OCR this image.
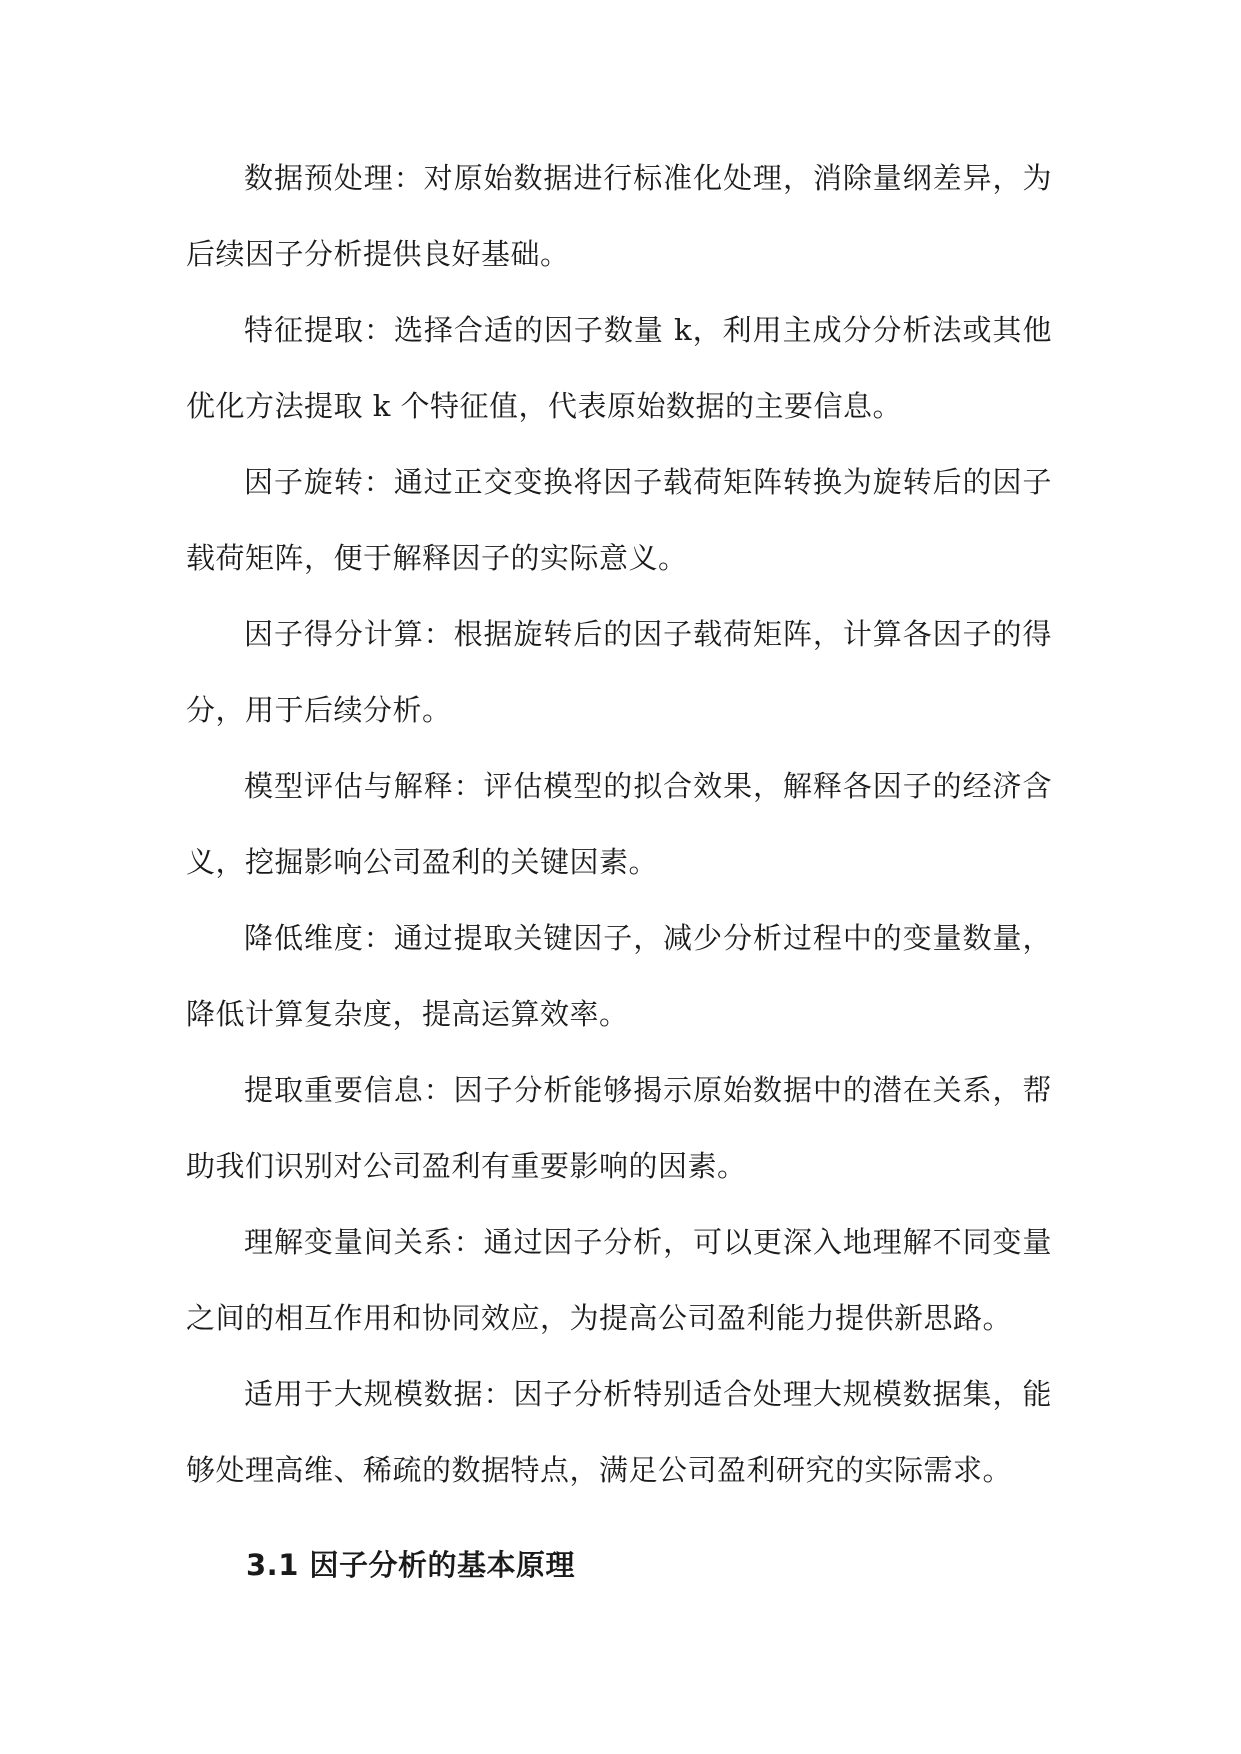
数据预处理：对原始数据进行标准化处理，消除量纲差异，为后续因子分析提供良好基础。

特征提取：选择合适的因子数量 k，利用主成分分析法或其他优化方法提取 k 个特征值，代表原始数据的主要信息。

因子旋转：通过正交变换将因子载荷矩阵转换为旋转后的因子载荷矩阵，便于解释因子的实际意义。

因子得分计算：根据旋转后的因子载荷矩阵，计算各因子的得分，用于后续分析。

模型评估与解释：评估模型的拟合效果，解释各因子的经济含义，挖掘影响公司盈利的关键因素。

降低维度：通过提取关键因子，减少分析过程中的变量数量，降低计算复杂度，提高运算效率。

提取重要信息：因子分析能够揭示原始数据中的潜在关系，帮助我们识别对公司盈利有重要影响的因素。

理解变量间关系：通过因子分析，可以更深入地理解不同变量之间的相互作用和协同效应，为提高公司盈利能力提供新思路。

适用于大规模数据：因子分析特别适合处理大规模数据集，能够处理高维、稀疏的数据特点，满足公司盈利研究的实际需求。

3.1 因子分析的基本原理
